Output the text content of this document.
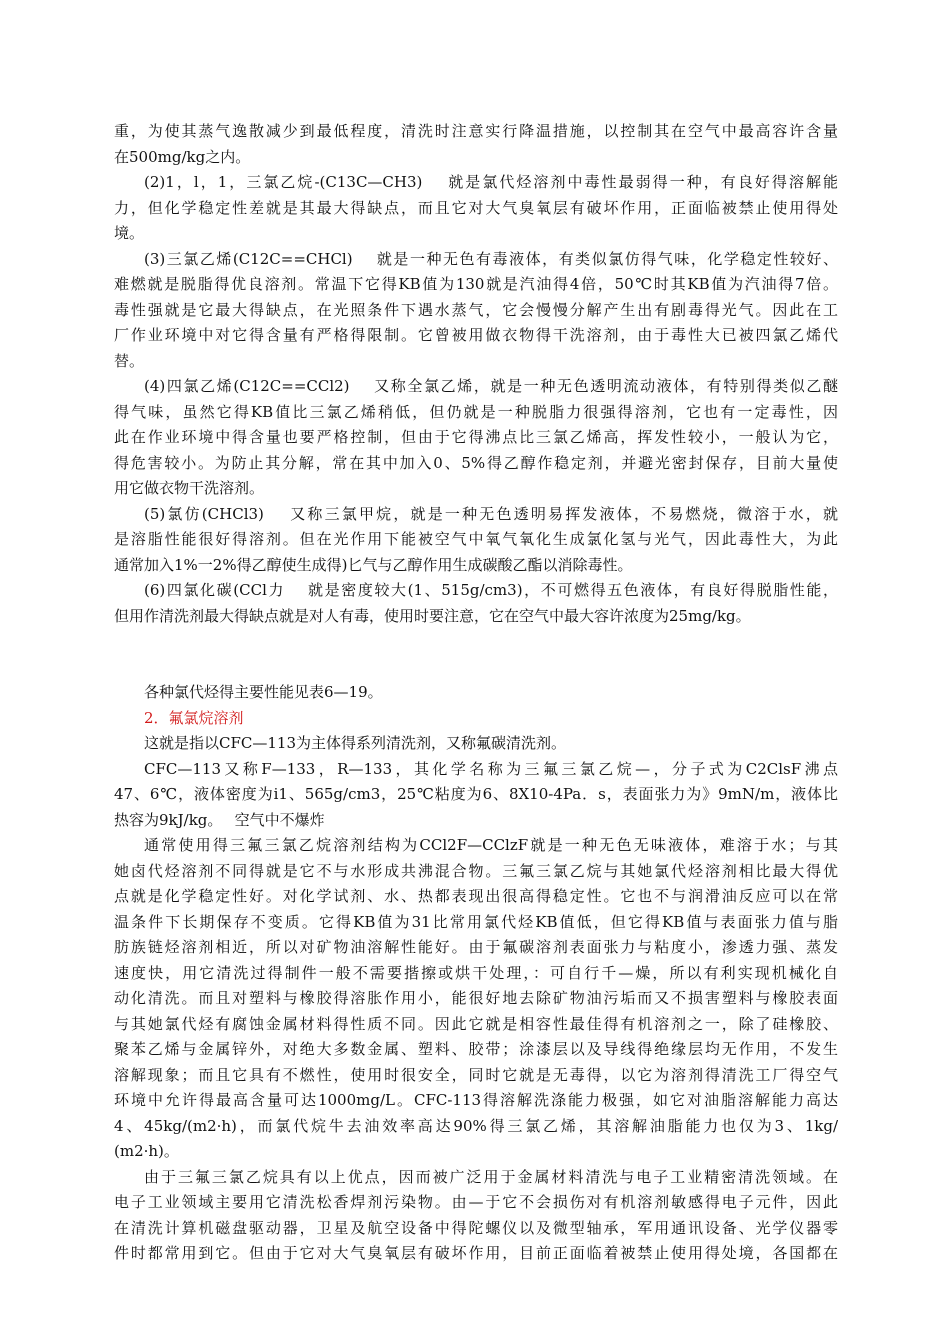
重，为使其蒸气逸散减少到最低程度，清洗时注意实行降温措施，以控制其在空气中最高容许含量
在500mg/kg之内。
(2)1，l，1，三氯乙烷-(C13C—CH3)　 就是氯代烃溶剂中毒性最弱得一种，有良好得溶解能
力，但化学稳定性差就是其最大得缺点，而且它对大气臭氧层有破坏作用，正面临被禁止使用得处
境。
(3)三氯乙烯(C12C==CHCl)　 就是一种无色有毒液体，有类似氯仿得气味，化学稳定性较好、
难燃就是脱脂得优良溶剂。常温下它得KB值为130就是汽油得4倍，50℃时其KB值为汽油得7倍。
毒性强就是它最大得缺点，在光照条件下遇水蒸气，它会慢慢分解产生出有剧毒得光气。因此在工
厂作业环境中对它得含量有严格得限制。它曾被用做衣物得干洗溶剂，由于毒性大已被四氯乙烯代
替。
(4)四氯乙烯(C12C==CCl2)　 又称全氯乙烯，就是一种无色透明流动液体，有特别得类似乙醚
得气味，虽然它得KB值比三氯乙烯稍低，但仍就是一种脱脂力很强得溶剂，它也有一定毒性，因
此在作业环境中得含量也要严格控制，但由于它得沸点比三氯乙烯高，挥发性较小，一般认为它，
得危害较小。为防止其分解，常在其中加入0、5%得乙醇作稳定剂，并避光密封保存，目前大量使
用它做衣物干洗溶剂。
(5)氯仿(CHCl3)　 又称三氯甲烷，就是一种无色透明易挥发液体，不易燃烧，微溶于水，就
是溶脂性能很好得溶剂。但在光作用下能被空气中氧气氧化生成氯化氢与光气，因此毒性大，为此
通常加入1%一2%得乙醇使生成得)匕气与乙醇作用生成碳酸乙酯以消除毒性。
(6)四氯化碳(CCl力　 就是密度较大(1、515g/cm3)，不可燃得五色液体，有良好得脱脂性能，
但用作清洗剂最大得缺点就是对人有毒，使用时要注意，它在空气中最大容许浓度为25mg/kg。
各种氯代烃得主要性能见表6—19。
2．氟氯烷溶剂
这就是指以CFC—113为主体得系列清洗剂，又称氟碳清洗剂。
CFC—113又称F—133，R—133，其化学名称为三氟三氯乙烷—，分子式为C2ClsF沸点
47、6℃，液体密度为i1、565g/cm3，25℃粘度为6、8X10-4Pa．s，表面张力为》9mN/m，液体比
热容为9kJ/kg。　 空气中不爆炸
通常使用得三氟三氯乙烷溶剂结构为CCl2F—CClzF就是一种无色无味液体，难溶于水；与其
她卤代烃溶剂不同得就是它不与水形成共沸混合物。三氟三氯乙烷与其她氯代烃溶剂相比最大得优
点就是化学稳定性好。对化学试剂、水、热都表现出很高得稳定性。它也不与润滑油反应可以在常
温条件下长期保存不变质。它得KB值为31比常用氯代烃KB值低，但它得KB值与表面张力值与脂
肪族链烃溶剂相近，所以对矿物油溶解性能好。由于氟碳溶剂表面张力与粘度小，渗透力强、蒸发
速度快，用它清洗过得制件一般不需要揩擦或烘干处理，：可自行千—燥，所以有利实现机械化自
动化清洗。而且对塑料与橡胶得溶胀作用小，能很好地去除矿物油污垢而又不损害塑料与橡胶表面
与其她氯代烃有腐蚀金属材料得性质不同。因此它就是相容性最佳得有机溶剂之一，除了硅橡胶、
聚苯乙烯与金属锌外，对绝大多数金属、塑料、胶带；涂漆层以及导线得绝缘层均无作用，不发生
溶解现象；而且它具有不燃性，使用时很安全，同时它就是无毒得，以它为溶剂得清洗工厂得空气
环境中允许得最高含量可达1000mg/L。CFC-113得溶解洗涤能力极强，如它对油脂溶解能力高达
4、45kg/(m2·h)，而氯代烷牛去油效率高达90%得三氯乙烯，其溶解油脂能力也仅为3、1kg/
(m2·h)。
由于三氟三氯乙烷具有以上优点，因而被广泛用于金属材料清洗与电子工业精密清洗领域。在
电子工业领域主要用它清洗松香焊剂污染物。由—于它不会损伤对有机溶剂敏感得电子元件，因此
在清洗计算机磁盘驱动器，卫星及航空设备中得陀螺仪以及微型轴承，军用通讯设备、光学仪器零
件时都常用到它。但由于它对大气臭氧层有破坏作用，目前正面临着被禁止使用得处境，各国都在
